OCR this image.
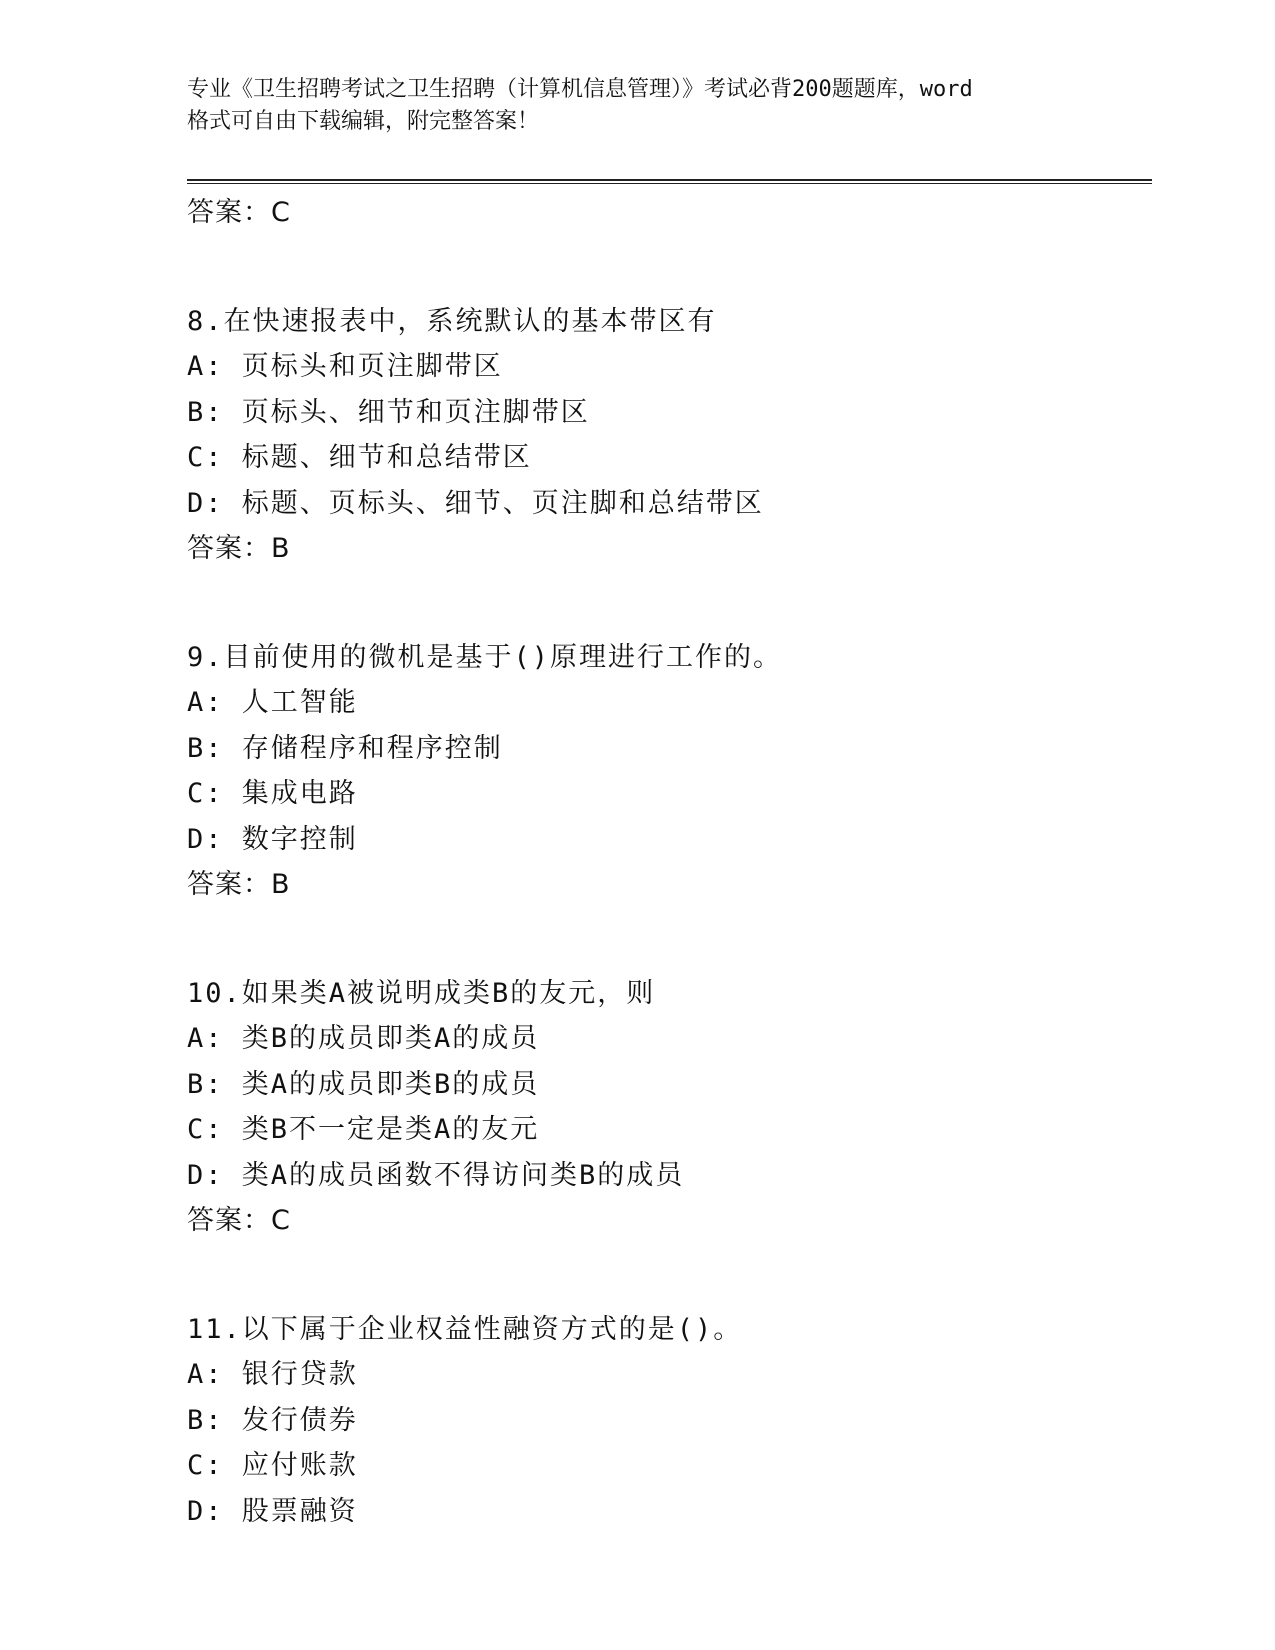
专业《卫生招聘考试之卫生招聘（计算机信息管理）》考试必背200题题库，word
格式可自由下载编辑，附完整答案！
答案：C
8.在快速报表中，系统默认的基本带区有
A: 页标头和页注脚带区
B: 页标头、细节和页注脚带区
C: 标题、细节和总结带区
D: 标题、页标头、细节、页注脚和总结带区
答案：B
9.目前使用的微机是基于()原理进行工作的。
A: 人工智能
B: 存储程序和程序控制
C: 集成电路
D: 数字控制
答案：B
10.如果类A被说明成类B的友元，则
A: 类B的成员即类A的成员
B: 类A的成员即类B的成员
C: 类B不一定是类A的友元
D: 类A的成员函数不得访问类B的成员
答案：C
11.以下属于企业权益性融资方式的是()。
A: 银行贷款
B: 发行债券
C: 应付账款
D: 股票融资
